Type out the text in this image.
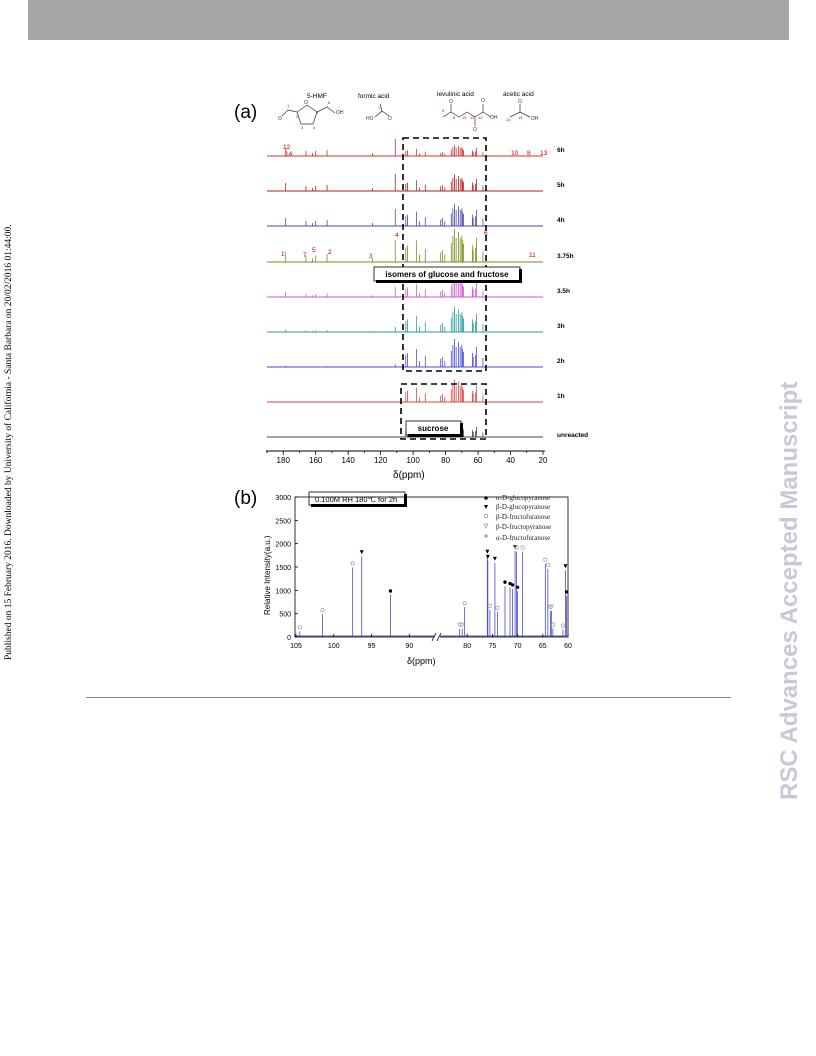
Published on 15 February 2016. Downloaded by University of California - Santa Barbara on 20/02/2016 01:44:00.	RSC Advances Accepted Manuscript
(a)
5-HMF	formic acid	levulinic acid	acetic acid
O
O
OH
1
2
3 4
5
6
HO	O
7
O
O
O
OH
9
8 10 11 12
O
OH
13 14
6h
5h
4h
3.75h
3.5h
3h
2h
1h
unreacted
12
14	10 8 13
1	7
5 2
3
4	6
11
isomers of glucose and fructose
sucrose
180 160 140 120 100	80	60	40	20
δ(ppm)
(b)	0.100M RH 180℃ for 2h
Relative Intensity(a.u.)
0
500
1000
1500
2000
2500
3000
105	100	95	90	80 75 70 65 60
δ(ppm)
α-D-glucopyranose
β-D-glucopyranose
β-D-fructofuranose
β-D-fructopyranose
α-D-fructofuranose
